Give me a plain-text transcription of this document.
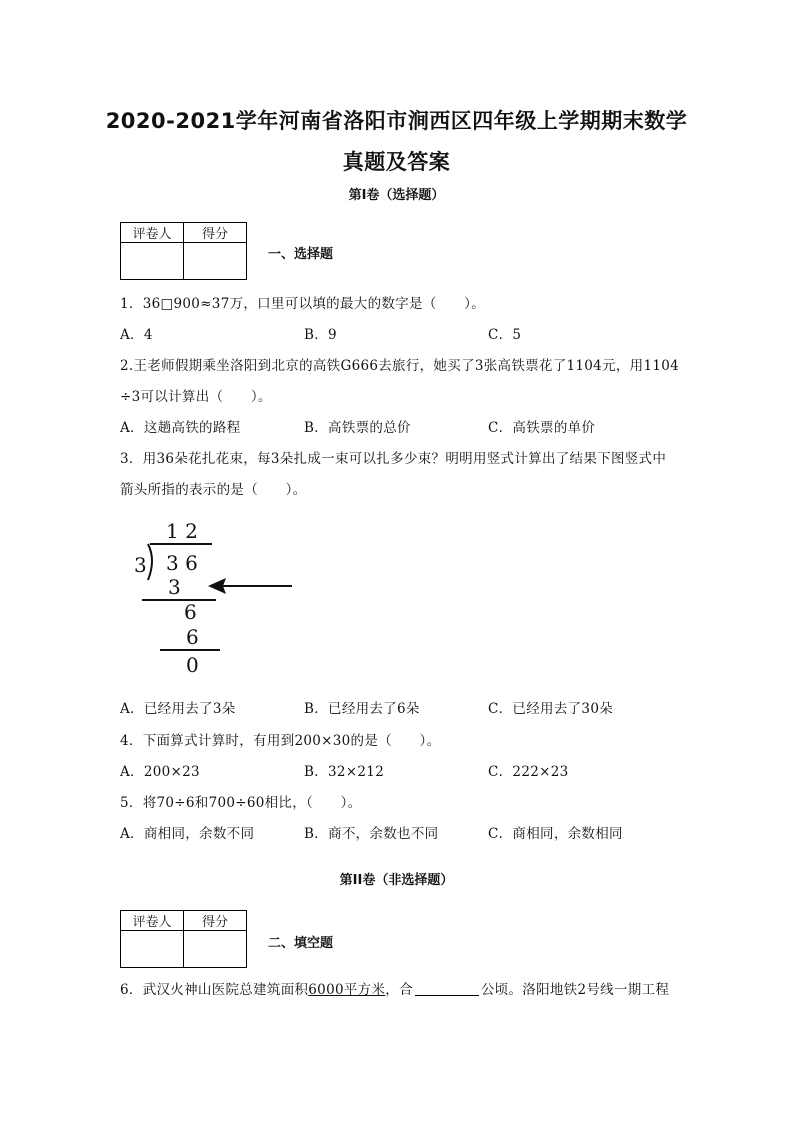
2020-2021学年河南省洛阳市涧西区四年级上学期期末数学
真题及答案
第I卷（选择题）
评卷人	得分

一、选择题
1．36□900≈37万，口里可以填的最大的数字是（　　）。
A．4	B．9	C．5
2.王老师假期乘坐洛阳到北京的高铁G666去旅行，她买了3张高铁票花了1104元，用1104
÷3可以计算出（　　）。
A．这趟高铁的路程	B．高铁票的总价	C．高铁票的单价
3．用36朵花扎花束，每3朵扎成一束可以扎多少束？明明用竖式计算出了结果下图竖式中
箭头所指的表示的是（　　）。
1 2
3 3 6
3
6
6
0
A．已经用去了3朵	B．已经用去了6朵	C．已经用去了30朵
4．下面算式计算时，有用到200×30的是（　　）。
A．200×23	B．32×212	C．222×23
5．将70÷6和700÷60相比，（　　）。
A．商相同，余数不同	B．商不，余数也不同	C．商相同，余数相同
第II卷（非选择题）
评卷人	得分

二、填空题
6．武汉火神山医院总建筑面积6000平方米，合	公顷。洛阳地铁2号线一期工程
